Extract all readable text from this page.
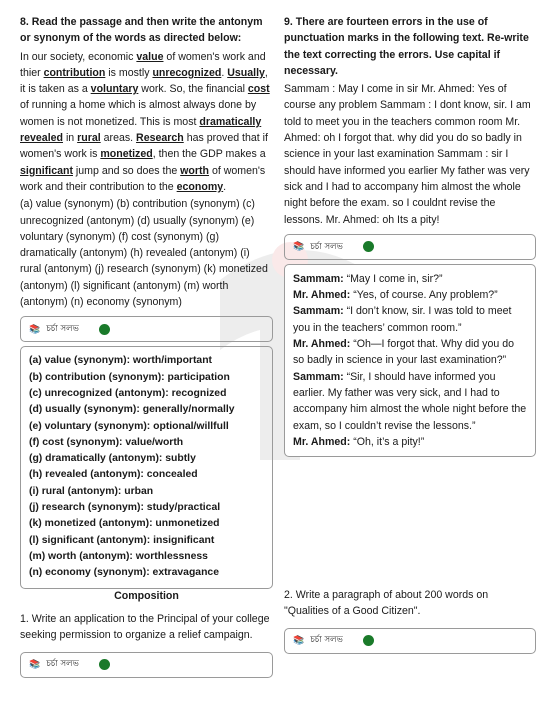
8. Read the passage and then write the antonym or synonym of the words as directed below:
In our society, economic value of women's work and thier contribution is mostly unrecognized. Usually, it is taken as a voluntary work. So, the financial cost of running a home which is almost always done by women is not monetized. This is most dramatically revealed in rural areas. Research has proved that if women's work is monetized, then the GDP makes a significant jump and so does the worth of women's work and their contribution to the economy.
(a) value (synonym) (b) contribution (synonym) (c) unrecognized (antonym) (d) usually (synonym) (e) voluntary (synonym) (f) cost (synonym) (g) dramatically (antonym) (h) revealed (antonym) (i) rural (antonym) (j) research (synonym) (k) monetized (antonym) (l) significant (antonym) (m) worth (antonym) (n) economy (synonym)
📚 চর্চা সলভ
(a) value (synonym): worth/important
(b) contribution (synonym): participation
(c) unrecognized (antonym): recognized
(d) usually (synonym): generally/normally
(e) voluntary (synonym): optional/willfull
(f) cost (synonym): value/worth
(g) dramatically (antonym): subtly
(h) revealed (antonym): concealed
(i) rural (antonym): urban
(j) research (synonym): study/practical
(k) monetized (antonym): unmonetized
(l) significant (antonym): insignificant
(m) worth (antonym): worthlessness
(n) economy (synonym): extravagance
9. There are fourteen errors in the use of punctuation marks in the following text. Re-write the text correcting the errors. Use capital if necessary.
Sammam : May I come in sir Mr. Ahmed: Yes of course any problem Sammam : I dont know, sir. I am told to meet you in the teachers common room Mr. Ahmed: oh I forgot that. why did you do so badly in science in your last examination Sammam : sir I should have informed you earlier My father was very sick and I had to accompany him almost the whole night before the exam. so I couldnt revise the lessons. Mr. Ahmed: oh Its a pity!
📚 চর্চা সলভ
Sammam: “May I come in, sir?”
Mr. Ahmed: “Yes, of course. Any problem?”
Sammam: “I don’t know, sir. I was told to meet you in the teachers’ common room.”
Mr. Ahmed: “Oh—I forgot that. Why did you do so badly in science in your last examination?”
Sammam: “Sir, I should have informed you earlier. My father was very sick, and I had to accompany him almost the whole night before the exam, so I couldn’t revise the lessons.”
Mr. Ahmed: “Oh, it’s a pity!”
Composition
1. Write an application to the Principal of your college seeking permission to organize a relief campaign.
📚 চর্চা সলভ
2. Write a paragraph of about 200 words on "Qualities of a Good Citizen".
📚 চর্চা সলভ
